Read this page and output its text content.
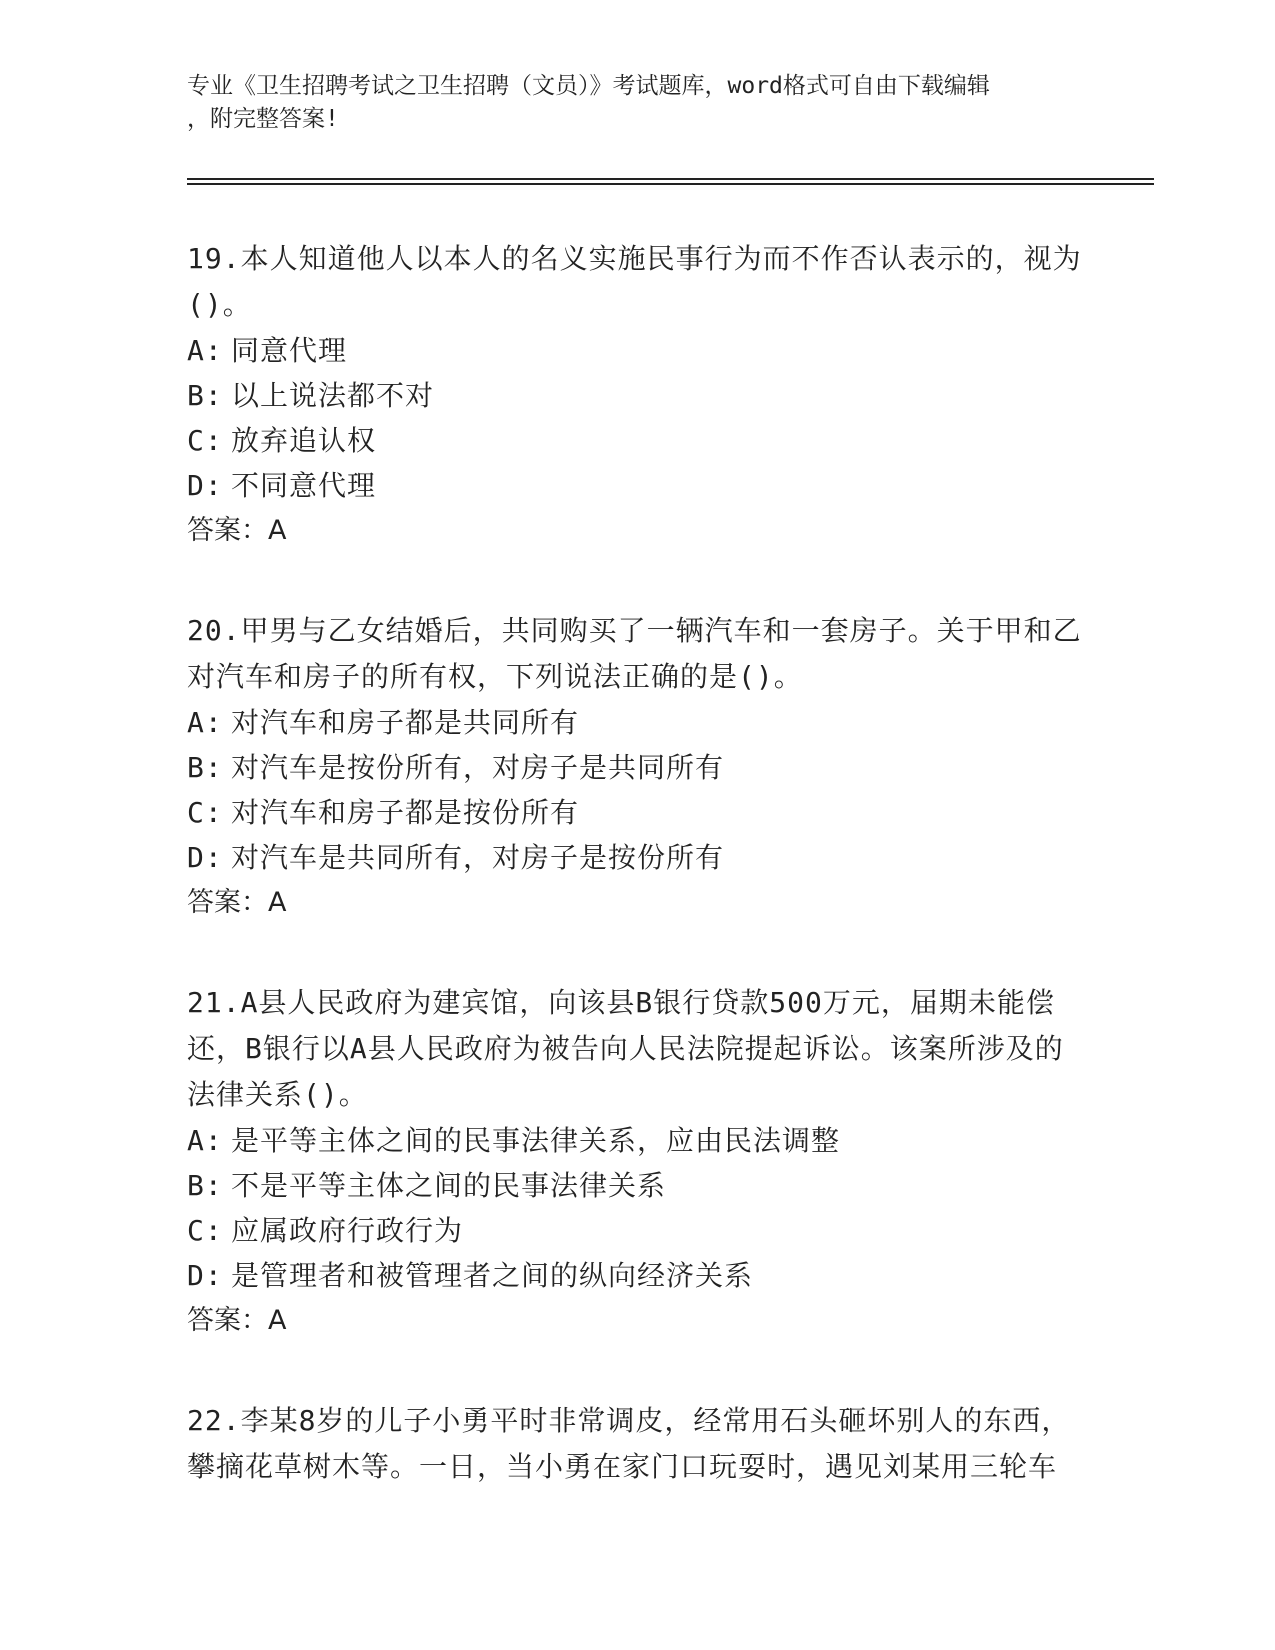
专业《卫生招聘考试之卫生招聘（文员）》考试题库，word格式可自由下载编辑
，附完整答案!
19.本人知道他人以本人的名义实施民事行为而不作否认表示的，视为
()。
A: 同意代理
B: 以上说法都不对
C: 放弃追认权
D: 不同意代理
答案：A
20.甲男与乙女结婚后，共同购买了一辆汽车和一套房子。关于甲和乙
对汽车和房子的所有权，下列说法正确的是()。
A: 对汽车和房子都是共同所有
B: 对汽车是按份所有，对房子是共同所有
C: 对汽车和房子都是按份所有
D: 对汽车是共同所有，对房子是按份所有
答案：A
21.A县人民政府为建宾馆，向该县B银行贷款500万元，届期未能偿
还，B银行以A县人民政府为被告向人民法院提起诉讼。该案所涉及的
法律关系()。
A: 是平等主体之间的民事法律关系，应由民法调整
B: 不是平等主体之间的民事法律关系
C: 应属政府行政行为
D: 是管理者和被管理者之间的纵向经济关系
答案：A
22.李某8岁的儿子小勇平时非常调皮，经常用石头砸坏别人的东西，
攀摘花草树木等。一日，当小勇在家门口玩耍时，遇见刘某用三轮车
